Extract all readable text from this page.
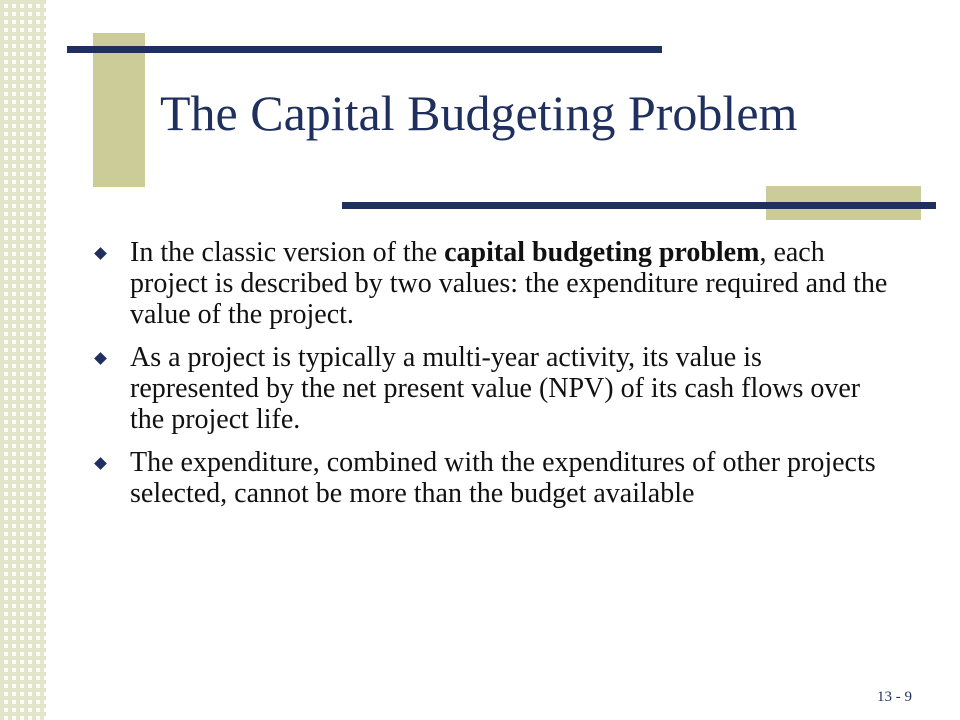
The Capital Budgeting Problem
In the classic version of the capital budgeting problem, each project is described by two values: the expenditure required and the value of the project.
As a project is typically a multi-year activity, its value is represented by the net present value (NPV) of its cash flows over the project life.
The expenditure, combined with the expenditures of other projects selected, cannot be more than the budget available
13 - 9
